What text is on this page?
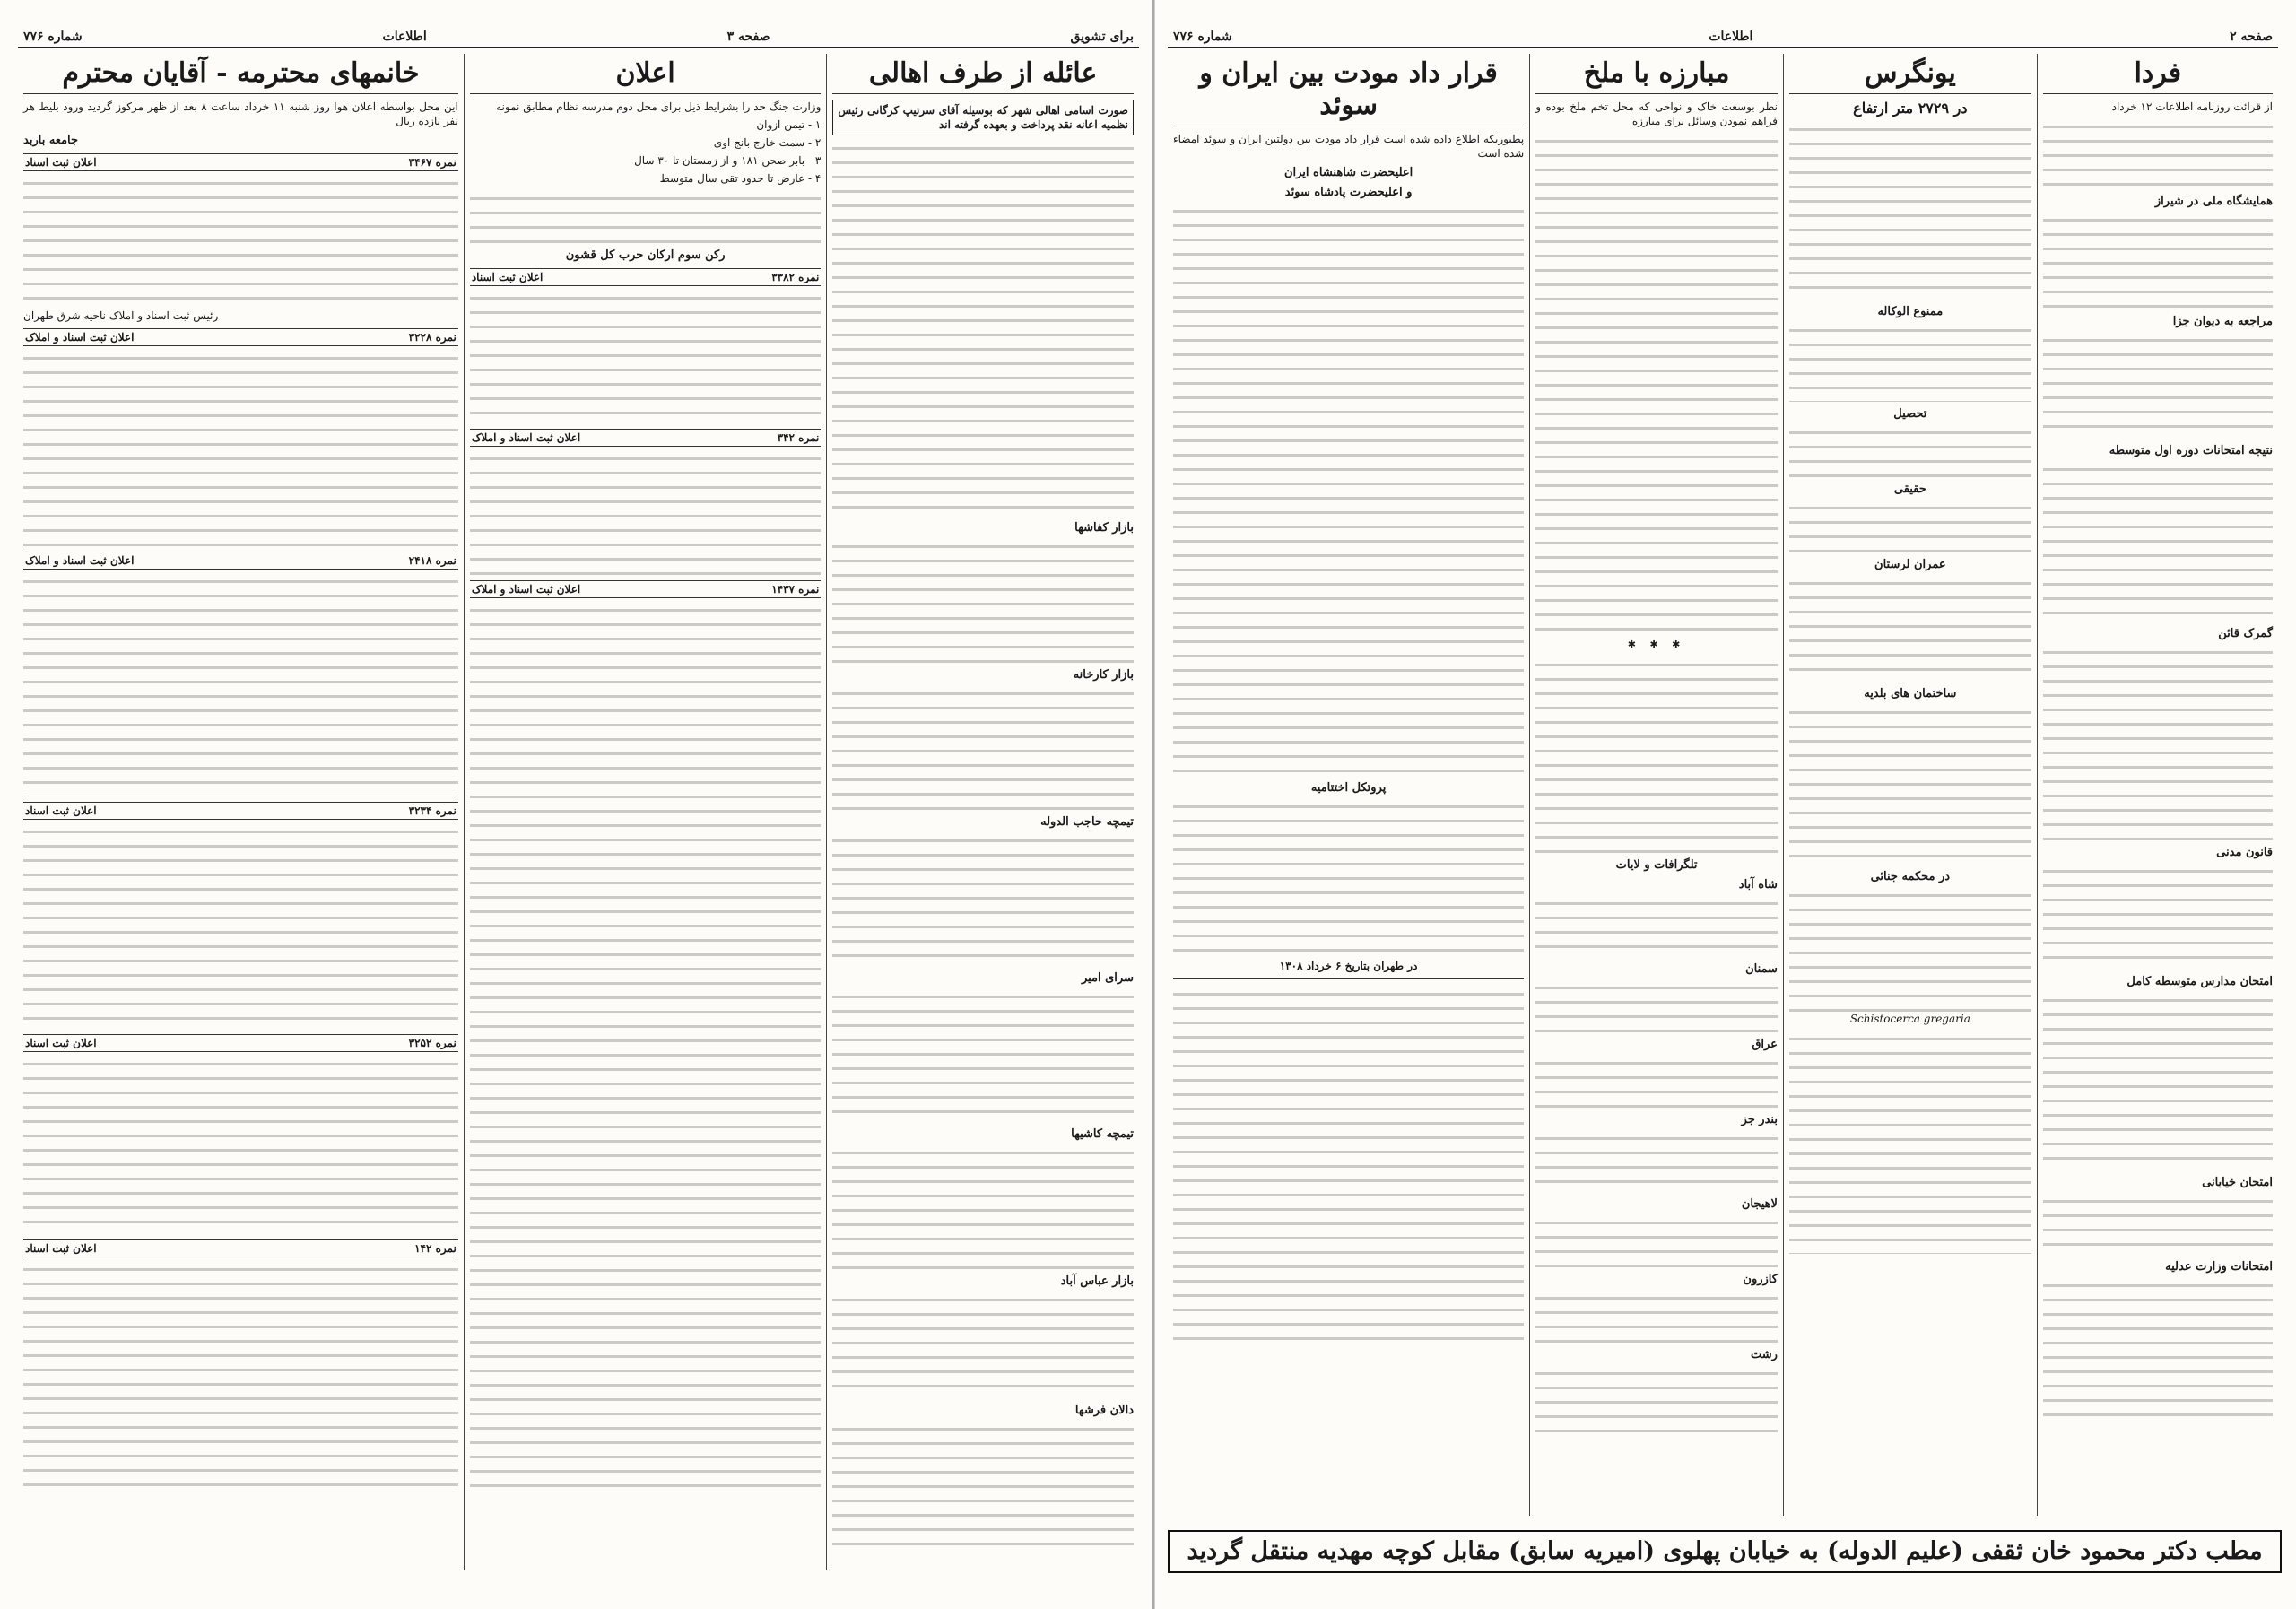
برای تشویق
صفحه ۳
اطلاعات
شماره ۷۷۶
عائله از طرف اهالی

صورت اسامی اهالی شهر که بوسیله آقای سرتیپ کرگانی رئیس نظمیه اعانه نقد پرداخت و بعهده گرفته اند

بازار کفاشها
بازار کارخانه
تیمچه حاجب الدوله
سرای امیر
تیمچه کاشیها
بازار عباس آباد
دالان فرشها
اعلان

وزارت جنگ حد را بشرایط ذیل برای محل دوم مدرسه نظام مطابق نمونه

۱ - تیمن ازوان

۲ - سمت خارج بانج اوی

۳ - بابر صحن ۱۸۱ و از زمستان تا ۳۰ سال

۴ - عارض تا حدود تقی سال متوسط

رکن سوم ارکان حرب کل قشون
نمره ۳۳۸۲
اعلان ثبت اسناد
نمره ۳۴۲
اعلان ثبت اسناد و املاک
نمره ۱۴۳۷
اعلان ثبت اسناد و املاک
خانمهای محترمه - آقایان محترم

این محل بواسطه اعلان هوا روز شنبه ۱۱ خرداد ساعت ۸ بعد از ظهر مرکوز گردید ورود بلیط هر نفر یازده ریال

جامعه باربد
نمره ۳۴۶۷
اعلان ثبت اسناد

رئیس ثبت اسناد و املاک ناحیه شرق طهران

نمره ۳۲۲۸
اعلان ثبت اسناد و املاک
نمره ۲۴۱۸
اعلان ثبت اسناد و املاک
نمره ۳۲۳۴
اعلان ثبت اسناد
نمره ۳۲۵۲
اعلان ثبت اسناد
نمره ۱۴۲
اعلان ثبت اسناد
صفحه ۲
اطلاعات
شماره ۷۷۶
فردا

از قرائت روزنامه اطلاعات ۱۲ خرداد

همایشگاه ملی در شیراز
مراجعه به دیوان جزا
نتیجه امتحانات دوره اول متوسطه
گمرک قائن
قانون مدنی
امتحان مدارس متوسطه کامل
امتحان خیابانی
امتحانات وزارت عدلیه
یونگرس
در ۲۷۲۹ متر ارتفاع
ممنوع الوکاله
تحصیل
حقیقی
عمران لرستان
ساختمان های بلدیه
در محکمه جنائی

Schistocerca gregaria

مبارزه با ملخ

نظر بوسعت خاک و نواحی که محل تخم ملخ بوده و فراهم نمودن وسائل برای مبارزه

✱ ✱ ✱
تلگرافات و لایات
شاه آباد
سمنان
عراق
بندر جز
لاهیجان
کازرون
رشت
قرار داد مودت بین ایران و سوئد

پطیوریکه اطلاع داده شده است قرار داد مودت بین دولتین ایران و سوئد امضاء شده است

اعلیحضرت شاهنشاه ایران
و اعلیحضرت پادشاه سوئد
پروتکل اختتامیه

در طهران بتاریخ ۶ خرداد ۱۳۰۸

مطب دکتر محمود خان ثقفی (علیم الدوله) به خیابان پهلوی (امیریه سابق) مقابل کوچه مهدیه منتقل گردید
